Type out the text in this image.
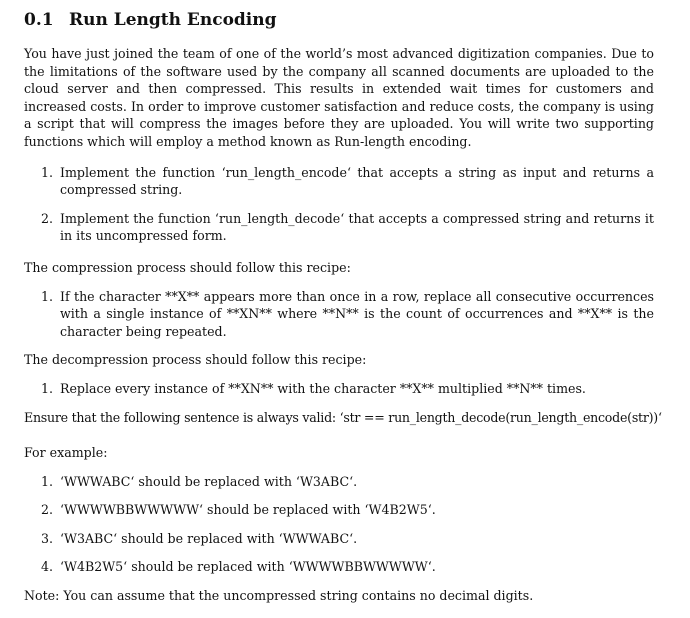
0.1 Run Length Encoding

You have just joined the team of one of the world’s most advanced digitization companies. Due to the limitations of the software used by the company all scanned documents are uploaded to the cloud server and then compressed. This results in extended wait times for customers and increased costs. In order to improve customer satisfaction and reduce costs, the company is using a script that will compress the images before they are uploaded. You will write two supporting functions which will employ a method known as Run-length encoding.

1. Implement the function ‘run_length_encode‘ that accepts a string as input and returns a compressed string.
2. Implement the function ‘run_length_decode‘ that accepts a compressed string and returns it in its uncompressed form.

The compression process should follow this recipe:

1. If the character **X** appears more than once in a row, replace all consecutive occurrences with a single instance of **XN** where **N** is the count of occurrences and **X** is the character being repeated.

The decompression process should follow this recipe:

1. Replace every instance of **XN** with the character **X** multiplied **N** times.

Ensure that the following sentence is always valid: ‘str == run_length_decode(run_length_encode(str))‘

For example:

1. ‘WWWABC‘ should be replaced with ‘W3ABC‘.
2. ‘WWWWBBWWWWW‘ should be replaced with ‘W4B2W5‘.
3. ‘W3ABC‘ should be replaced with ‘WWWABC‘.
4. ‘W4B2W5‘ should be replaced with ‘WWWWBBWWWWW‘.

Note: You can assume that the uncompressed string contains no decimal digits.
